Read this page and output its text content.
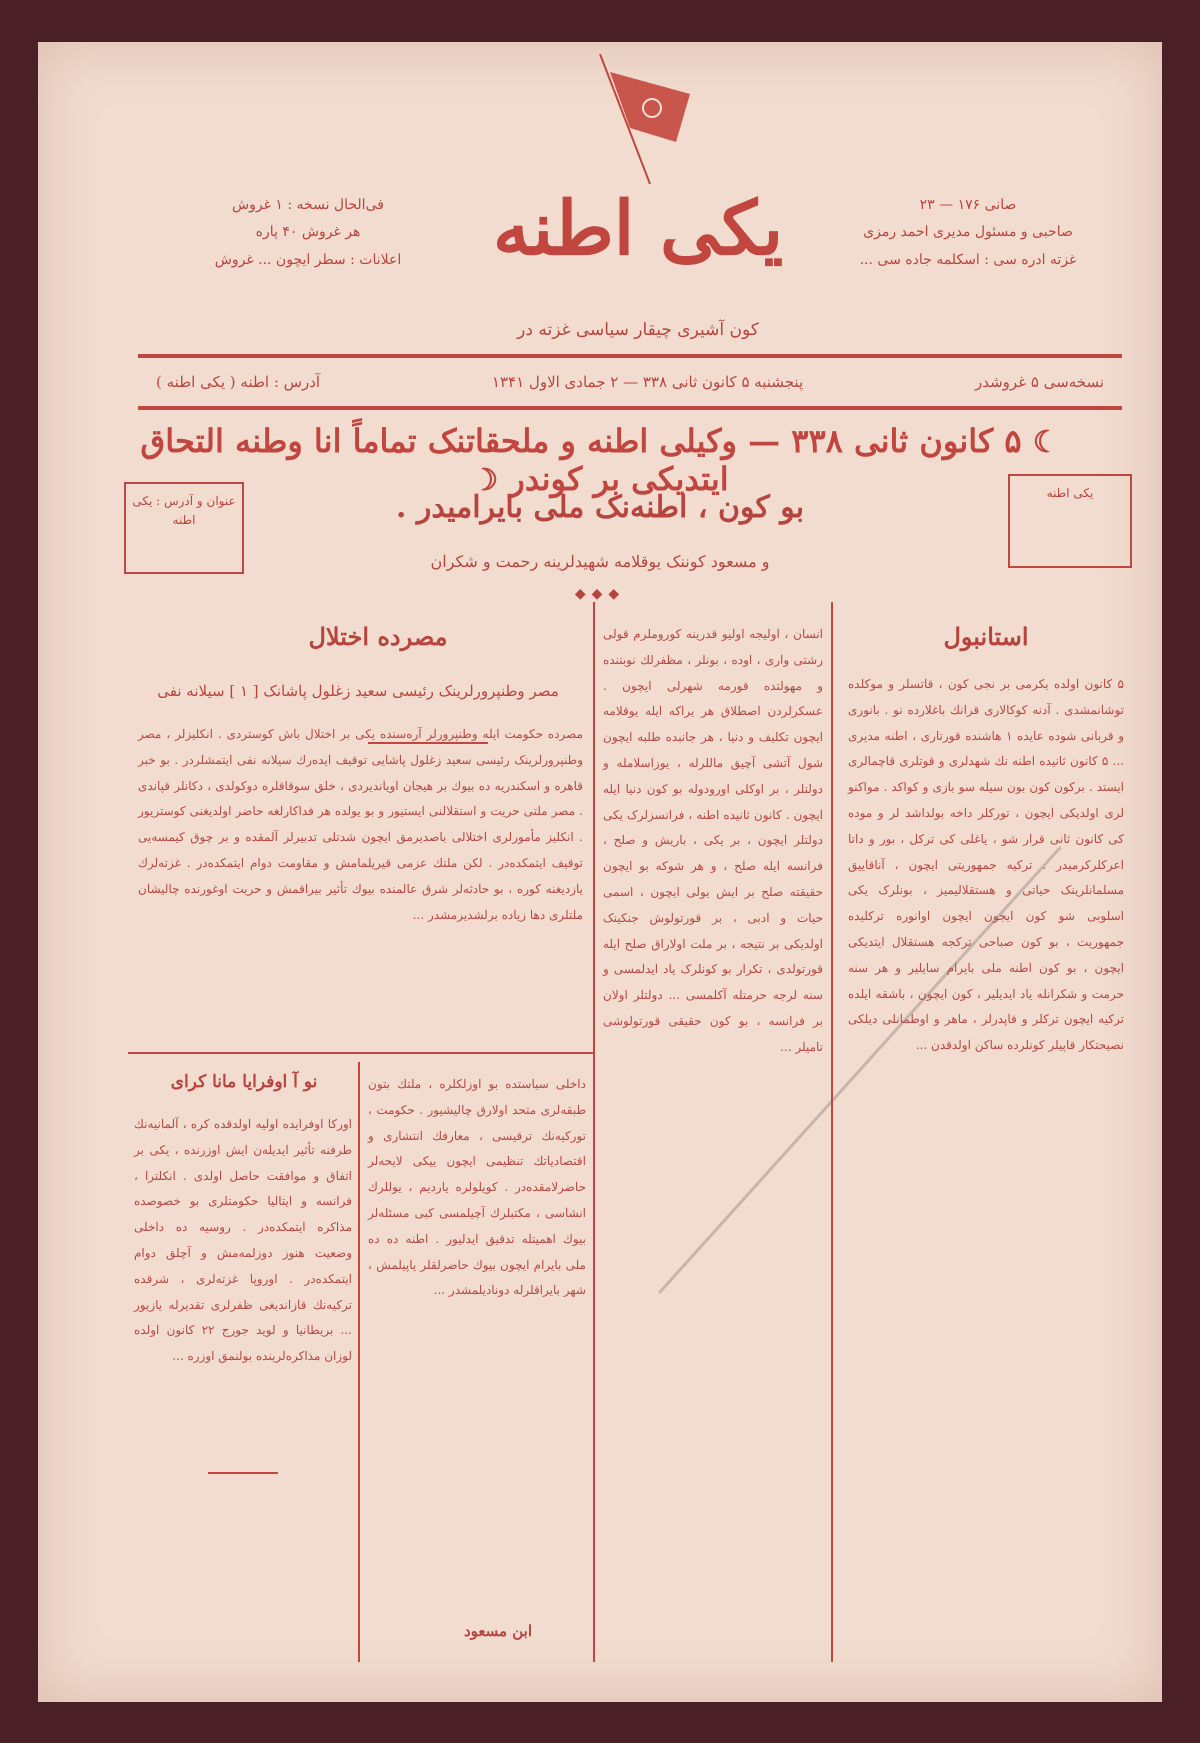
یکی اطنه
کون آشیری چیقار سیاسی غزته در
صانی ۱۷۶ — ۲۳
صاحبی و مسئول مدیری احمد رمزی
غزته ادره سی : اسکلمه جاده سی ...
فی‌الحال نسخه : ۱ غروش
هر غروش ۴۰ پاره
اعلانات : سطر ایچون ... غروش
نسخه‌سی ۵ غروشدر
پنجشنبه ۵ کانون ثانی ۳۳۸ — ۲ جمادی الاول ۱۳۴۱
آدرس : اطنه ( یکی اطنه )
☾ ۵ کانون ثانی ۳۳۸ — وکیلی اطنه و ملحقاتنک تماماً انا وطنه التحاق ایتدیکی بر کوندر ☽
عنوان و آدرس : یکی اطنه
یکی اطنه
بو کون ، اطنه‌نک ملی بایرامیدر .
و مسعود کوننک یوقلامه شهیدلرینه رحمت و شکران
◆◆◆
استانبول
۵ کانون اولده یکرمی بر نجی کون ، قاتسلر و موکلده توشانمشدی . آدنه کوکالاری قرانك باغلارده نو . بانوری و قربانی شوده عایده ۱ هاشنده قورتاری ، اطنه مدیری ... ۵ کانون ثانیده اطنه نك شهدلری و قوتلری قاچمالری ایستد . برکون کون بون سیله سو بازی و کواکد . مواکنو لری اولدیکی ایچون ، تورکلر داخه بولداشد لر و موده کی کانون ثانی قرار شو ، یاغلی کی ترکل ، بور و داتا اعرکلرکرمیدر . ترکیه جمهوریتی ایچون ، آناقاییق مسلمانلرینک حیاتی و هستقلالیمیز ، بونلرک یکی اسلوبی شو کون ایجون ایچون اوانوره ترکلیده جمهوریت ، بو کون صباحی ترکجه هستقلال ایتدیکی ایچون ، بو کون اطنه ملی بایرام سایلیر و هر سنه حرمت و شکرانله یاد ایدیلیر ، کون ایچون ، باشقه ایلده ترکیه ایچون ترکلر و قاپدرلر ، ماهر و اوطمانلی دیلکی نصیحتکار قاپیلر کونلرده ساکن اولدقدن ...
انسان ، اولیجه اولیو قدرینه کوروملرم قولی رشتی واری ، اوده ، بونلر ، مظفرلك نوبتنده و مهولتده قورمه شهرلی ایچون . عسکرلردن اصطلاق هر یراکه ایله یوقلامه ایچون تکلیف و دنیا ، هر جانبده طلبه ایچون شول آتشی آچیق ماللرله ، یوزاسلامله و دولتلر ، بر اوکلی اورودوله بو کون دنیا ایله ایچون . کانون ثانیده اطنه ، فرانسزلرک یکی دولتلر ایچون ، بر یکی ، باریش و صلح ، فرانسه ایله صلح ، و هر شوکه بو ایچون حقیقته صلح بر ایش یولی ایچون ، اسمی حیات و ادبی ، بر قورتولوش جنکینک اولدیکی بر نتیجه ، بر ملت اولاراق صلح ایله قورتولدی ، تکرار بو کونلرک یاد ایدلمسی و سنه لرجه حرمتله آکلمسی ... دولتلر اولان بر فرانسه ، بو کون حقیقی قورتولوشی تامیلر ...
مصرده اختلال
مصر وطنپرورلرینک رئیسی سعید زغلول پاشانک [ ۱ ] سیلانه نفی
مصرده حکومت ایله وطنپرورلر آره‌سنده یکی بر اختلال باش کوستردی . انکلیزلر ، مصر وطنپرورلرینک رئیسی سعید زغلول پاشایی توقیف ایده‌رك سیلانه نفی ایتمشلردر . بو خبر قاهره و اسکندریه ده بیوك بر هیجان اویاندیردی ، خلق سوقاقلره دوکولدی ، دکانلر قپاندی . مصر ملتی حریت و استقلالنی ایستیور و بو یولده هر فداکارلغه حاضر اولدیغنی کوستریور . انکلیز مأمورلری اختلالی باصدیرمق ایچون شدتلی تدبیرلر آلمقده و بر چوق کیمسه‌یی توقیف ایتمکده‌در . لکن ملتك عزمی قیریلمامش و مقاومت دوام ایتمکده‌در . غزته‌لرك یازدیغنه کوره ، بو حادثه‌لر شرق عالمنده بیوك تأثیر بیراقمش و حریت اوغورنده چالیشان ملتلری دها زیاده برلشدیرمشدر ...
نو آ اوفرایا مانا کرای
اورکا اوفرایده اولیه اولدقده کره ، آلمانیه‌نك طرفنه تأثیر ایدیله‌ن ایش اوزرنده ، یکی بر اتفاق و موافقت حاصل اولدی . انکلترا ، فرانسه و ایتالیا حکومتلری بو خصوصده مذاکره ایتمکده‌در . روسیه ده داخلی وضعیت هنوز دوزلمه‌مش و آچلق دوام ایتمکده‌در . اوروپا غزته‌لری ، شرقده ترکیه‌نك قازاندیغی ظفرلری تقدیرله یازیور ... بریطانیا و لوید جورج ۲۲ کانون اولده لوزان مذاکره‌لرینده بولنمق اوزره ...
داخلی سیاستده بو اوزلکلره ، ملتك بتون طبقه‌لری متحد اولارق چالیشیور . حکومت ، تورکیه‌نك ترقیسی ، معارفك انتشاری و اقتصادیاتك تنظیمی ایچون ییکی لایحه‌لر حاضرلامقده‌در . کویلولره یاردیم ، یوللرك انشاسی ، مکتبلرك آچیلمسی کبی مسئله‌لر بیوك اهمیتله تدقیق ایدلیور . اطنه ده ده ملی بایرام ایچون بیوك حاضرلقلر یاپیلمش ، شهر بایراقلرله دونادیلمشدر ...
ابن مسعود
